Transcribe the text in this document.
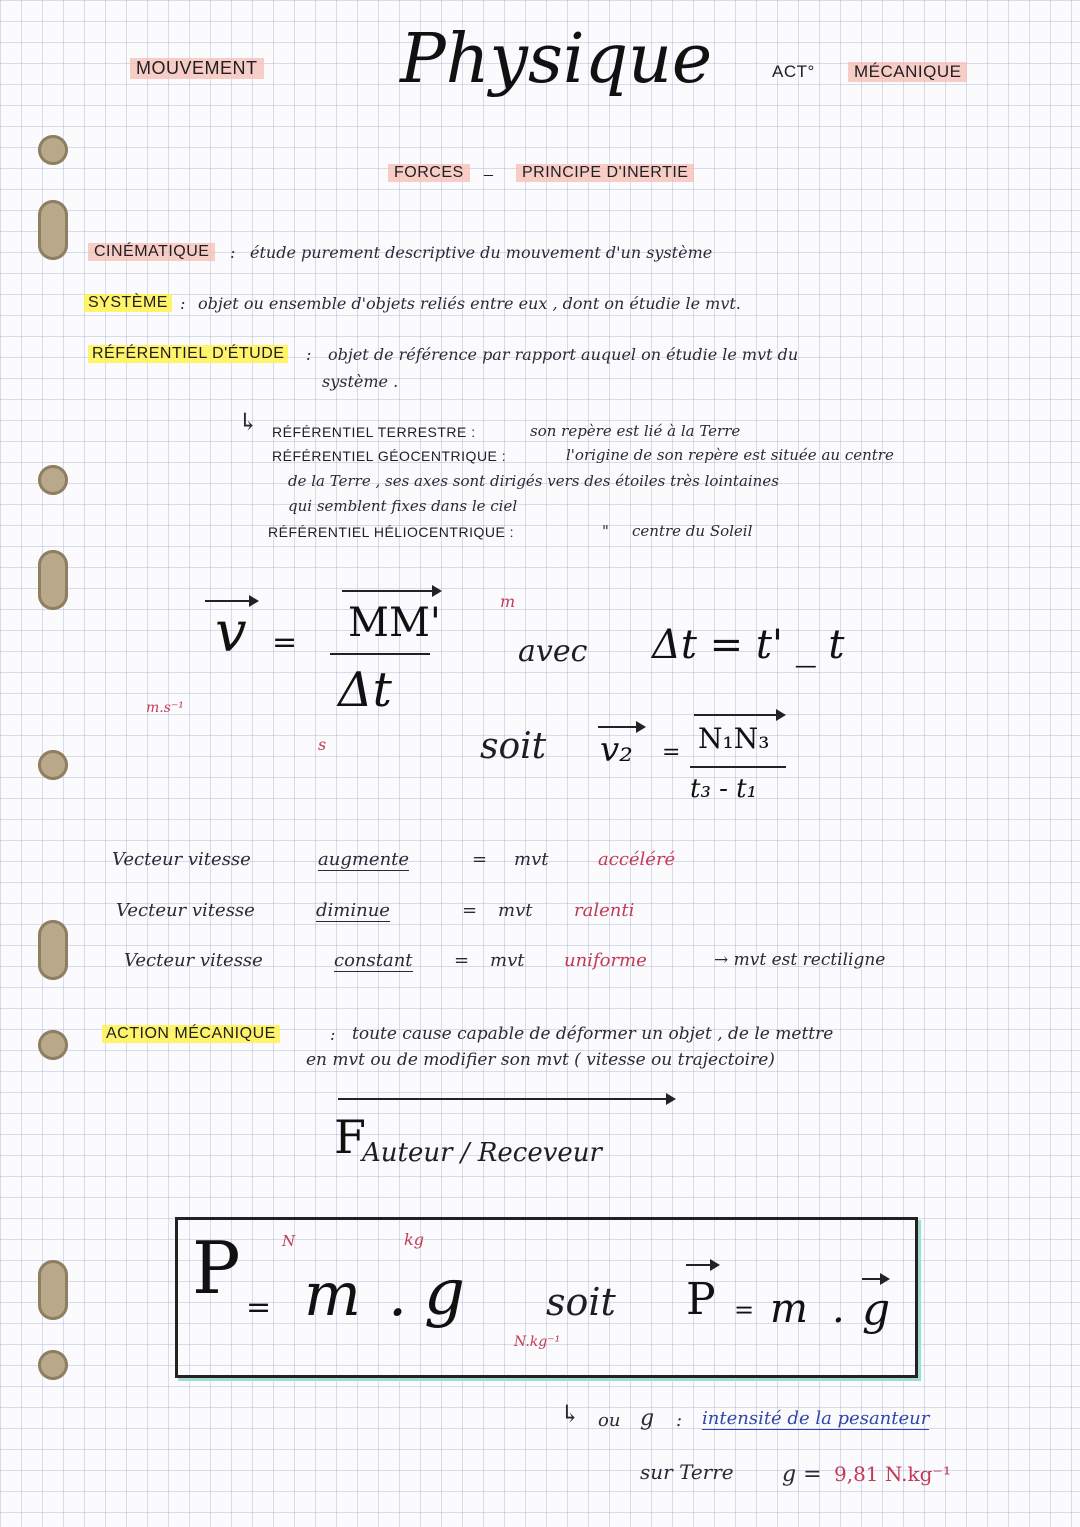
MOUVEMENT Physique	ACT°	MÉCANIQUE
FORCES	_	PRINCIPE D'INERTIE
CINÉMATIQUE	: étude purement descriptive du mouvement d'un système
SYSTÈME : objet ou ensemble d'objets reliés entre eux , dont on étudie le mvt.
RÉFÉRENTIEL D'ÉTUDE : objet de référence par rapport auquel on étudie le mvt du
système .
↳ RÉFÉRENTIEL TERRESTRE :	son repère est lié à la Terre
RÉFÉRENTIEL GÉOCENTRIQUE :	l'origine de son repère est située au centre
de la Terre , ses axes sont dirigés vers des étoiles très lointaines
qui semblent fixes dans le ciel
RÉFÉRENTIEL HÉLIOCENTRIQUE :	" centre du Soleil
v =
m.s⁻¹
MM'	m
Δt
s
avec Δt = t' _ t
soit v₂ = N₁N₃
t₃ - t₁
Vecteur vitesse	augmente	= mvt	accéléré
Vecteur vitesse	diminue	= mvt ralenti
Vecteur vitesse	constant = mvt uniforme	→ mvt est rectiligne
ACTION MÉCANIQUE	: toute cause capable de déformer un objet , de le mettre
en mvt ou de modifier son mvt ( vitesse ou trajectoire)
F
Auteur / Receveur
P	N
= m
kg
. g
N.kg⁻¹
soit P = m . g
↳ ou g : intensité de la pesanteur
sur Terre g = 9,81 N.kg⁻¹
